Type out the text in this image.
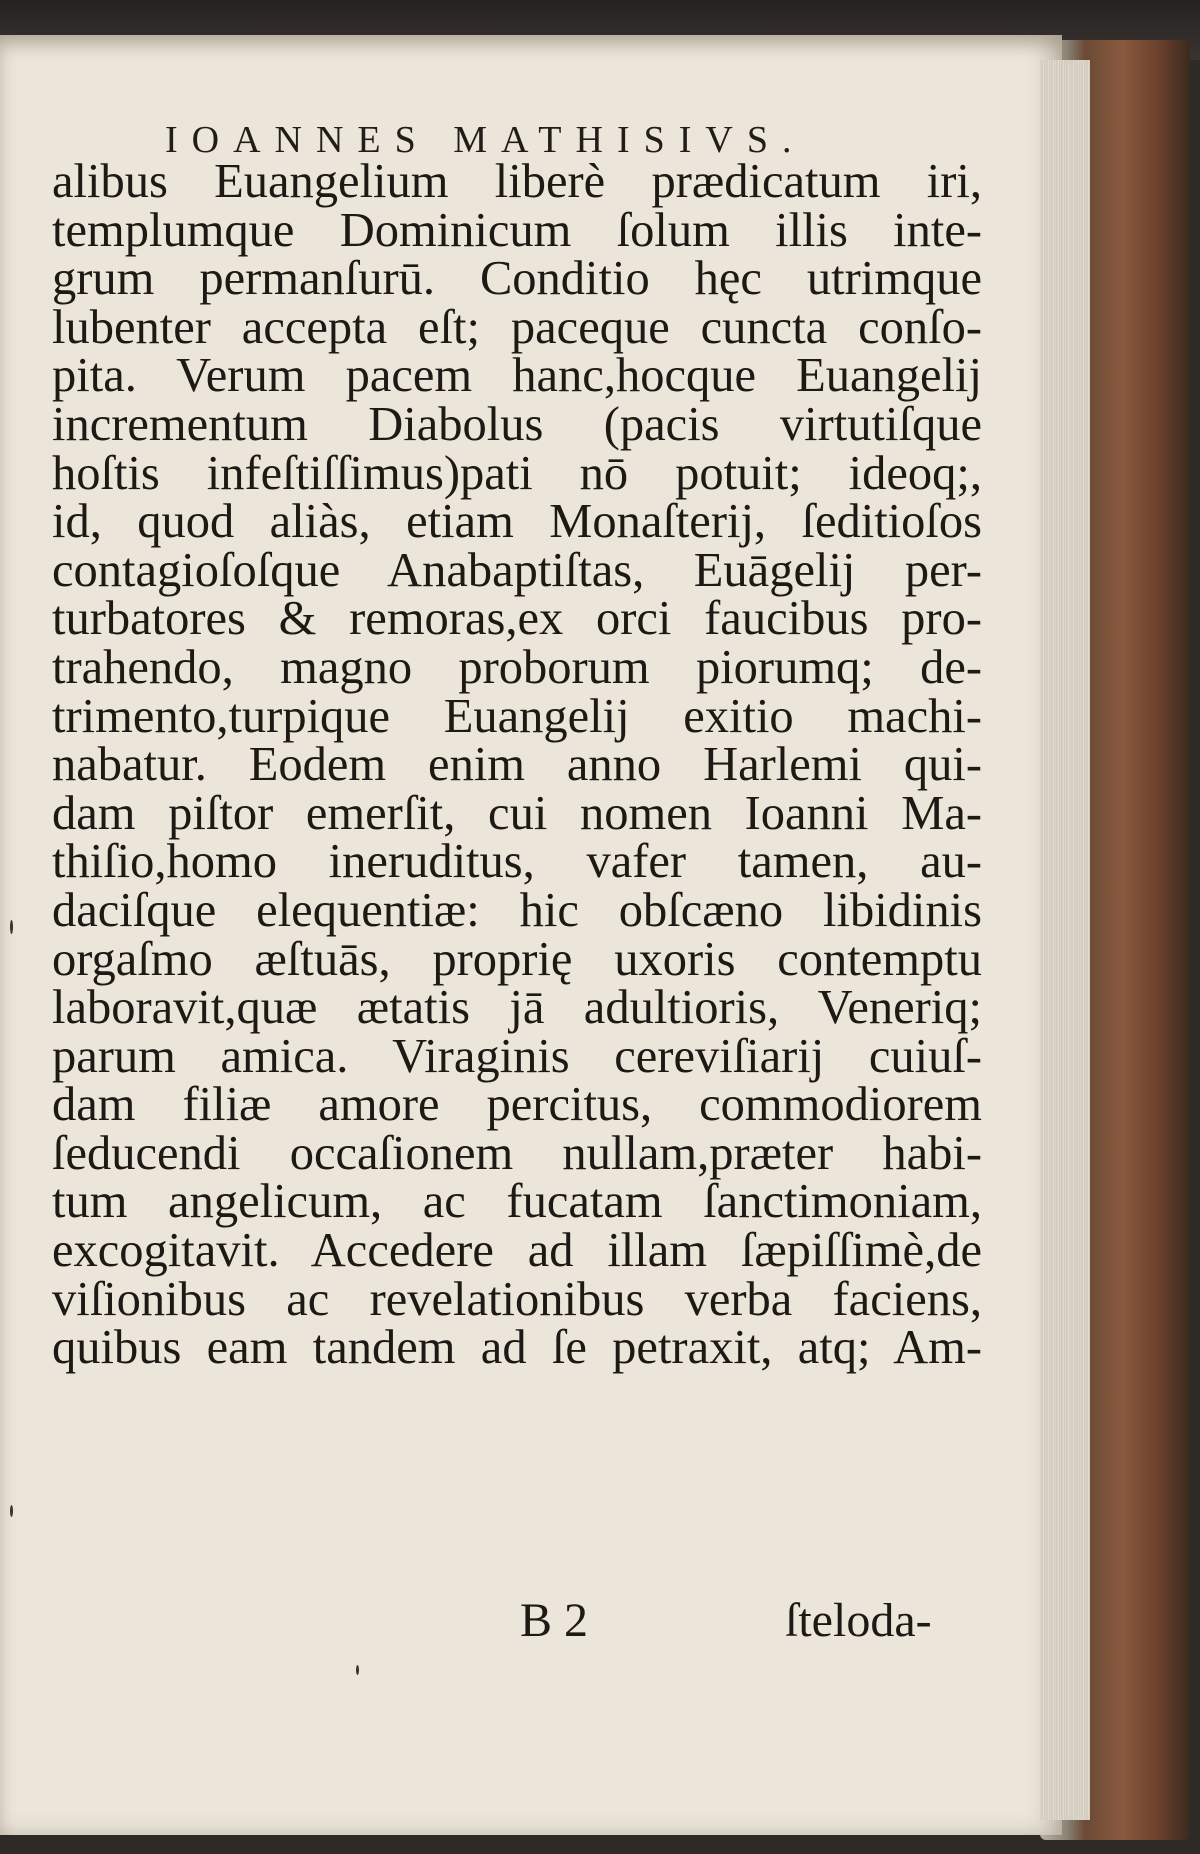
IOANNES MATHISIVS.
alibus Euangelium liberè prædicatum iri,
templumque Dominicum ſolum illis inte-
grum permanſurū. Conditio hęc utrimque
lubenter accepta eſt; paceque cuncta conſo-
pita. Verum pacem hanc,hocque Euangelij
incrementum Diabolus (pacis virtutiſque
hoſtis infeſtiſſimus)pati nō potuit; ideoq;,
id, quod aliàs, etiam Monaſterij, ſeditioſos
contagioſoſque Anabaptiſtas, Euāgelij per-
turbatores & remoras,ex orci faucibus pro-
trahendo, magno proborum piorumq; de-
trimento,turpique Euangelij exitio machi-
nabatur. Eodem enim anno Harlemi qui-
dam piſtor emerſit, cui nomen Ioanni Ma-
thiſio,homo ineruditus, vafer tamen, au-
daciſque elequentiæ: hic obſcæno libidinis
orgaſmo æſtuās, proprię uxoris contemptu
laboravit,quæ ætatis jā adultioris, Veneriq;
parum amica. Viraginis cereviſiarij cuiuſ-
dam filiæ amore percitus, commodiorem
ſeducendi occaſionem nullam,præter habi-
tum angelicum, ac fucatam ſanctimoniam,
excogitavit. Accedere ad illam ſæpiſſimè,de
viſionibus ac revelationibus verba faciens,
quibus eam tandem ad ſe petraxit, atq; Am-
B 2	ſteloda-
